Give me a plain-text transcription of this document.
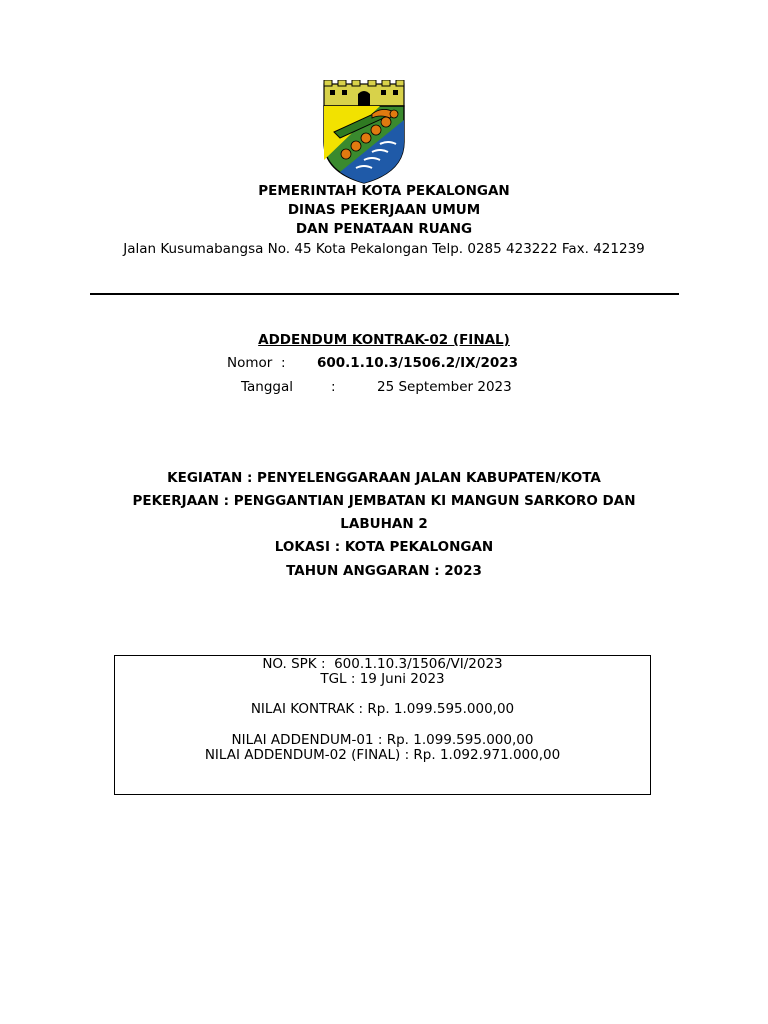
PEMERINTAH KOTA PEKALONGAN
DINAS PEKERJAAN UMUM
DAN PENATAAN RUANG
Jalan Kusumabangsa No. 45 Kota Pekalongan Telp. 0285 423222 Fax. 421239
ADDENDUM KONTRAK-02 (FINAL)
Nomor : 600.1.10.3/1506.2/IX/2023
Tanggal	:	25 September 2023
KEGIATAN : PENYELENGGARAAN JALAN KABUPATEN/KOTA
PEKERJAAN : PENGGANTIAN JEMBATAN KI MANGUN SARKORO DAN
LABUHAN 2
LOKASI : KOTA PEKALONGAN
TAHUN ANGGARAN : 2023
NO. SPK :  600.1.10.3/1506/VI/2023
TGL : 19 Juni 2023
NILAI KONTRAK : Rp. 1.099.595.000,00
NILAI ADDENDUM-01 : Rp. 1.099.595.000,00
NILAI ADDENDUM-02 (FINAL) : Rp. 1.092.971.000,00
